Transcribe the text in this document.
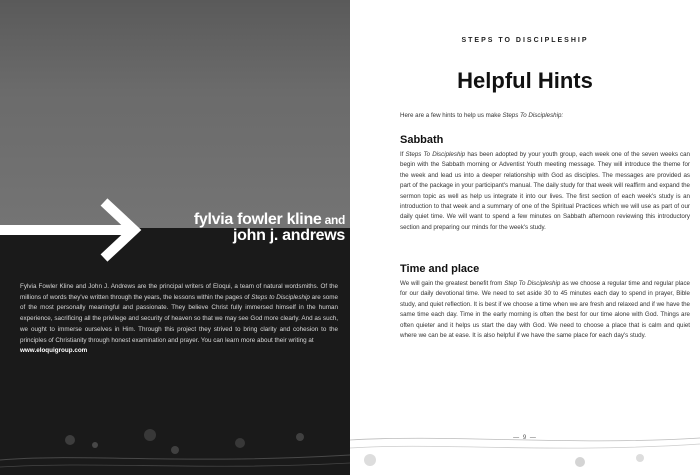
fylvia fowler kline and
john j. andrews
Fylvia Fowler Kline and John J. Andrews are the principal writers of Eloqui, a team of natural wordsmiths. Of the millions of words they've written through the years, the lessons within the pages of Steps to Discipleship are some of the most personally meaningful and passionate. They believe Christ fully immersed himself in the human experience, sacrificing all the privilege and security of heaven so that we may see God more clearly. And as such, we ought to immerse ourselves in Him. Through this project they strived to bring clarity and cohesion to the principles of Christianity through honest examination and prayer. You can learn more about their writing at
www.eloquigroup.com
STEPS TO DISCIPLESHIP
Helpful Hints
Here are a few hints to help us make Steps To Discipleship:
Sabbath
If Steps To Discipleship has been adopted by your youth group, each week one of the seven weeks can begin with the Sabbath morning or Adventist Youth meeting message. They will introduce the theme for the week and lead us into a deeper relationship with God as disciples. The messages are provided as part of the package in your participant's manual. The daily study for that week will reaffirm and expand the sermon topic as well as help us integrate it into our lives. The first section of each week's study is an introduction to that week and a summary of one of the Spiritual Practices which we will use as part of our daily quiet time. We will want to spend a few minutes on Sabbath afternoon reviewing this introductory section and preparing our minds for the week's study.
Time and place
We will gain the greatest benefit from Step To Discipleship as we choose a regular time and regular place for our daily devotional time. We need to set aside 30 to 45 minutes each day to spend in prayer, Bible study, and quiet reflection. It is best if we choose a time when we are fresh and relaxed and if we have the same time each day. Time in the early morning is often the best for our time alone with God. Things are often quieter and it helps us start the day with God. We need to choose a place that is calm and quiet where we can be at ease. It is also helpful if we have the same place for each day's study.
— 9 —
